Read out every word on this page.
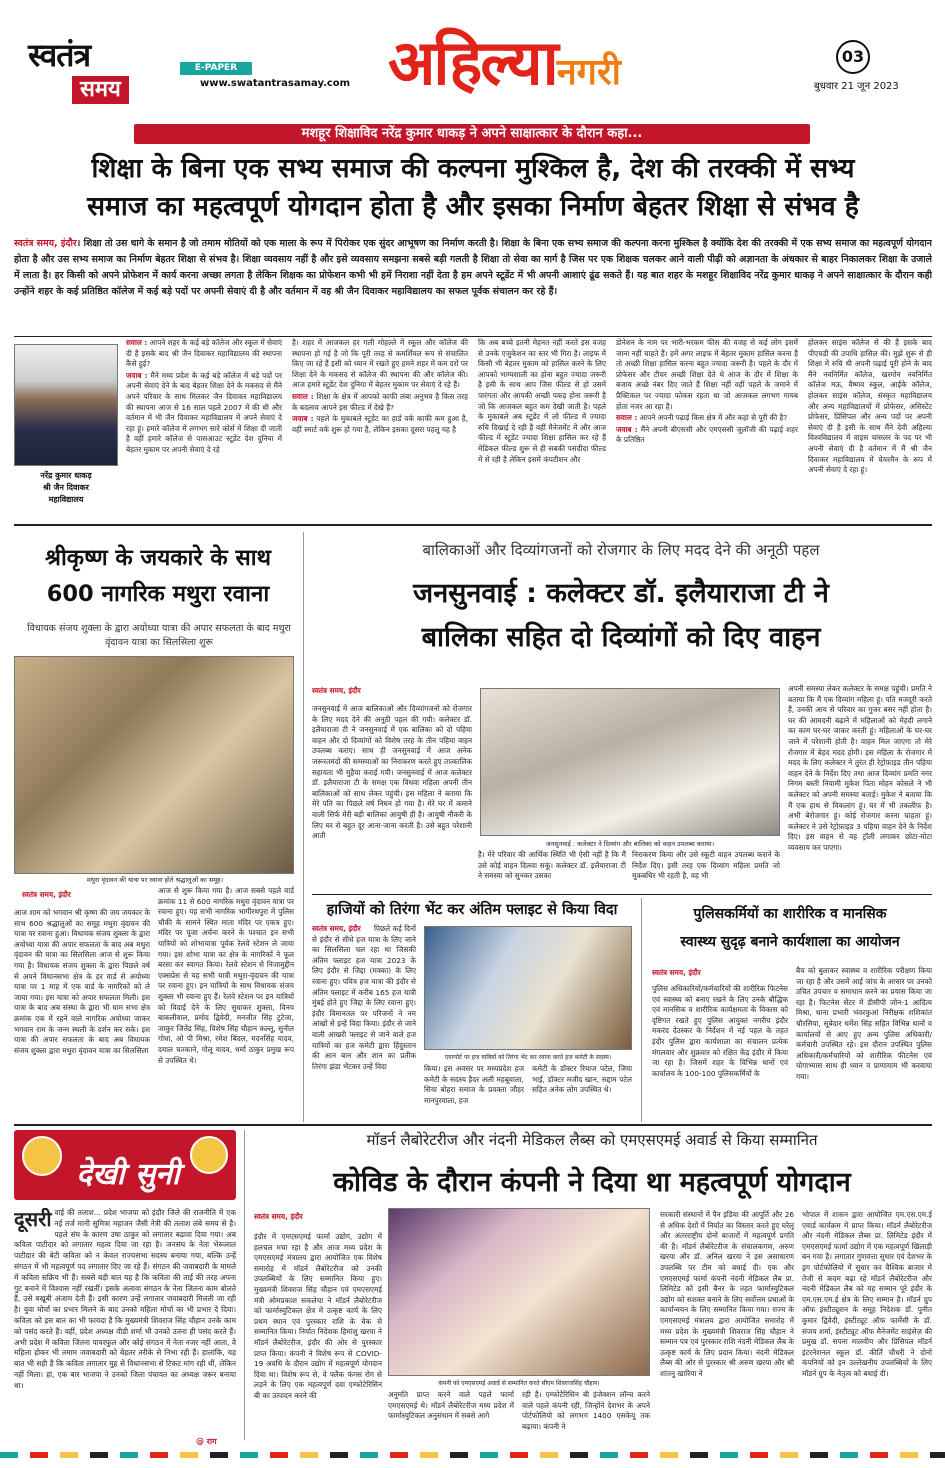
स्वतंत्र
समय
E-PAPER
www.swatantrasamay.com अहिल्यानगरी	03
बुधवार 21 जून 2023
मशहूर शिक्षाविद नरेंद्र कुमार धाकड़ ने अपने साक्षात्कार के दौरान कहा...
शिक्षा के बिना एक सभ्य समाज की कल्पना मुश्किल है, देश की तरक्की में सभ्य
समाज का महत्वपूर्ण योगदान होता है और इसका निर्माण बेहतर शिक्षा से संभव है
स्वतंत्र समय, इंदौर। शिक्षा तो उस धागे के समान है जो तमाम मोतियों को एक माला के रूप में पिरोकर एक सुंदर आभूषण का निर्माण करती है। शिक्षा के बिना एक सभ्य समाज की कल्पना करना मुश्किल है क्योंकि देश की तरक्की में एक सभ्य समाज का महत्वपूर्ण योगदान होता है और उस सभ्य समाज का निर्माण बेहतर शिक्षा से संभव है। शिक्षा व्यवसाय नहीं है और इसे व्यवसाय समझना सबसे बड़ी गलती है शिक्षा तो सेवा का मार्ग है जिस पर एक शिक्षक चलकर आने वाली पीढ़ी को अज्ञानता के अंधकार से बाहर निकालकर शिक्षा के उजाले में लाता है। हर किसी को अपने प्रोफेशन में कार्य करना अच्छा लगता है लेकिन शिक्षक का प्रोफेशन कभी भी हमें निराशा नहीं देता है हम अपने स्टूडेंट में भी अपनी आशाएं ढूंढ सकते हैं। यह बात शहर के मशहूर शिक्षाविद नरेंद्र कुमार धाकड़ ने अपने साक्षात्कार के दौरान कही उन्होंने शहर के कई प्रतिष्ठित कॉलेज में कई बड़े पदों पर अपनी सेवाएं दी है और वर्तमान में वह श्री जैन दिवाकर महाविद्यालय का सफल पूर्वक संचालन कर रहे हैं।
नरेंद्र कुमार धाकड़
श्री जैन दिवाकर
महाविद्यालय

सवाल : आपने शहर के कई बड़े कॉलेज और स्कूल में सेवाएं दी है इसके बाद श्री जैन दिवाकर महाविद्यालय की स्थापना कैसे हुई?

जवाब : मैंने मध्य प्रदेश के कई बड़े कॉलेज में बड़े पदों पर अपनी सेवाएं देने के बाद बेहतर शिक्षा देने के मकसद से मैंने अपने परिवार के साथ मिलकर जैन दिवाकर महाविद्यालय की स्थापना आज से 16 साल पहले 2007 में की थी और वर्तमान में भी जैन दिवाकर महाविद्यालय में अपने सेवाएं दे रहा हूं। हमारे कॉलेज में लगभग सारे कोर्स में शिक्षा दी जाती है वहीं हमारे कॉलेज से पासआउट स्टूडेंट देश दुनिया में बेहतर मुकाम पर अपनी सेवाएं दे रहे

है। शहर में आजकल हर गली मोहल्ले में स्कूल और कॉलेज की स्थापना हो गई है जो कि पूरी तरह से कमर्शियल रूप से संचालित किए जा रहे हैं इसी को ध्यान में रखते हुए हमने शहर में कम दरों पर शिक्षा देने के मकसद से कॉलेज की स्थापना की और कॉलेज की। आज हमारे स्टूडेंट देश दुनिया में बेहतर मुकाम पर सेवाएं दे रहे हैं।

सवाल : शिक्षा के क्षेत्र में आपको काफी लंबा अनुभव है किस तरह के बदलाव आपने इस फील्ड में देखे हैं?

जवाब : पहले के मुकाबले स्टूडेंट का हार्ड वर्क काफी कम हुआ है, वहीं स्मार्ट वर्क शुरू हो गया है, लेकिन इसका दूसरा पहलू यह है

कि अब बच्चे इतनी मेहनत नहीं करते इस वजह से उनके एजुकेशन का स्तर भी गिरा है। लाइफ में किसी भी बेहतर मुकाम को हासिल करने के लिए आपको भाग्यशाली का होना बहुत ज्यादा जरूरी है इसी के साथ आप जिस फील्ड से हो उसमें पारंगता और आपकी अच्छी पकड़ होना जरूरी है जो कि आजकल बहुत कम देखी जाती है। पहले के मुकाबले अब स्टूडेंट में लो फील्ड में ज्यादा रुचि दिखाई दे रही है वहीं मैनेजमेंट में और आज फील्ड में स्टूडेंट ज्यादा शिक्षा हासिल कर रहे हैं मेडिकल फील्ड शुरू से ही सबकी पसंदीदा फील्ड में से रही है लेकिन इसमें कंपटीशन और

डोनेशन के नाम पर भारी-भरकम फीस की वजह से कई लोग इसमें जाना नहीं चाहते हैं। हमें अगर लाइफ में बेहतर मुकाम हासिल करना है तो अच्छी शिक्षा हासिल करना बहुत ज्यादा जरूरी है। पहले के दौर में प्रोफेसर और टीचर अच्छी शिक्षा देते थे आज के दौर में शिक्षा के बजाय अच्छे नंबर दिए जाते हैं शिक्षा नहीं वहीं पहले के जमाने में प्रैक्टिकल पर ज्यादा फोकस रहता था जो आजकल लगभग गायब होता नजर आ रहा है।

सवाल : आपने अपनी पढ़ाई किस क्षेत्र में और कहां से पूरी की है?

जवाब : मैंने अपनी बीएससी और एमएससी जूलॉजी की पढ़ाई शहर के प्रतिष्ठित

होलकर साइंस कॉलेज से की हैं इसके बाद पीएचडी की उपाधि हासिल की। मुझे शुरू से ही शिक्षा में रुचि थी अपनी पढ़ाई पूरी होने के बाद मैंने नवनिर्मित कॉलेज, खरगोन नवनिर्मित कॉलेज मऊ, वैष्णव स्कूल, आईके कॉलेज, होलकर साइंस कॉलेज, संस्कृत महाविद्यालय और अन्य महाविद्यालयों में प्रोफेसर, असिस्टेंट प्रोफेसर, प्रिंसिपल और अन्य पदों पर अपनी सेवाएं दी है इसी के साथ मैंने देवी अहिल्या विश्वविद्यालय में वाइस चांसलर के पद पर भी अपनी सेवाएं दी है वर्तमान में मैं श्री जैन दिवाकर महाविद्यालय में चेयरमैन के रूप में अपनी सेवाएं दे रहा हूं।

श्रीकृष्ण के जयकारे के साथ
600 नागरिक मथुरा रवाना
विधायक संजय शुक्ला के द्वारा अयोध्या यात्रा की अपार सफलता के बाद मथुरा वृंदावन यात्रा का सिलसिला शुरू
मथुरा वृंदावन की यात्रा पर रवाना होते श्रद्धालुओं का समूह।
स्वतंत्र समय, इंदौर
आज शाम को भगवान श्री कृष्ण की जय जयकार के साथ 600 श्रद्धालुओं का समूह मथुरा वृंदावन की यात्रा पर रवाना हुआ। विधायक संजय शुक्ला के द्वारा अयोध्या यात्रा की अपार सफलता के बाद अब मथुरा वृंदावन की यात्रा का सिलसिला आज से शुरू किया गया है। विधायक संजय शुक्ला के द्वारा पिछले वर्ष से अपने विधानसभा क्षेत्र के हर वार्ड से अयोध्या यात्रा पर 1 माह में एक वार्ड के नागरिकों को ले जाया गया। इस यात्रा को अपार सफलता मिली। इस यात्रा के बाद अब संस्था के द्वारा भी धाम सभा क्षेत्र क्रमांक एक में रहने वाले नागरिक अयोध्या जाकर भगवान राम के जन्म स्थली के दर्शन कर सके। इस यात्रा की अपार सफलता के बाद अब विधायक संजय शुक्ला द्वारा मथुरा वृंदावन यात्रा का सिलसिला
आज से शुरू किया गया है। आज सबसे पहले वार्ड क्रमांक 11 से 600 नागरिक मथुरा वृंदावन यात्रा पर रवाना हुए। यह सभी नागरिक भागीरथपुरा में पुलिस चौकी के सामने स्थित माता मंदिर पर एकत्र हुए। मंदिर पर पूजा अर्चना करने के पश्चात इन सभी यात्रियों को शोभायात्रा पूर्वक रेलवे स्टेशन ले जाया गया। इस शोभा यात्रा का क्षेत्र के नागरिकों ने फूल बरसा कर स्वागत किया। रेलवे स्टेशन से निजामुद्दीन एक्सप्रेस से यह सभी यात्री मथुरा-वृंदावन की यात्रा पर रवाना हुए। इन यात्रियों के साथ विधायक संजय शुक्ला भी रवाना हुए हैं। रेलवे स्टेशन पर इन यात्रियों को विदाई देने के लिए सुधाकर शुक्ला, विनय बाकलीवाल, प्रमोद द्विवेदी, मनजीत सिंह टुटेजा, जाकुर जितेंद्र सिंह, विशेष सिंह चौहान कल्लू, सुनील गोधा, ओ पी मिश्रा, रमेश बिंदल, मदनसिंह यादव, दयाल चतकाने, गोलू यादव, धर्मा ठाकुर प्रमुख रूप से उपस्थित थे।
बालिकाओं और दिव्यांगजनों को रोजगार के लिए मदद देने की अनूठी पहल
जनसुनवाई : कलेक्टर डॉ. इलैयाराजा टी ने
बालिका सहित दो दिव्यांगों को दिए वाहन
स्वतंत्र समय, इंदौर
जनसुनवाई में आज बालिकाओं और दिव्यांगजनों को रोजगार के लिए मदद देने की अनूठी पहल की गयी। कलेक्टर डॉ. इलैयाराजा टी ने जनसुनवाई में एक बालिका को दो पहिया वाहन और दो दिव्यांगों को विशेष तरह के तीन पहिया वाहन उपलब्ध कराए। साथ ही जनसुनवाई में आज अनेक जरूरतमंदों की समस्याओं का निराकरण करते हुए तात्कालिक सहायता भी मुहैया कराई गयी। जनसुनवाई में आज कलेक्टर डॉ. इलैयाराजा टी के समक्ष एक विधवा महिला अपनी तीन बालिकाओं को साथ लेकर पहुंची। इस महिला ने बताया कि मेरे पति का पिछले वर्ष निधन हो गया है। मेरे घर में कमाने वाली सिर्फ मेरी बड़ी बालिका आयुषी ही है। आयुषी नौकरी के लिए घर से बहुत दूर आना-जाना करती है। उसे बहुत परेशानी आती
जनसुनवाई : कलेक्टर ने दिव्यांग और बालिका को वाहन उपलब्ध कराया।
है। मेरे परिवार की आर्थिक स्थिति भी ऐसी नहीं है कि मैं उसे कोई वाहन दिलवा सकूं। कलेक्टर डॉ. इलैयाराजा टी ने समस्या को सुनकर उसका
निराकरण किया और उसे स्कूटी वाहन उपलब्ध कराने के निर्देश दिए। इसी तरह एक दिव्यांग महिला प्रमति जो मूकबधिर भी रहती है, वह भी
अपनी समस्या लेकर कलेक्टर के समक्ष पहुंची। प्रमति ने बताया कि मैं एक दिव्यांग महिला हूं। पति मजदूरी करते हैं, उनकी आय से परिवार का गुजर बसर नहीं होता है। घर की आमदनी बढ़ाने में महिलाओं को मेहदी लगाने का काम घर-घर जाकर करती हूं। महिलाओं के घर-घर जाने में परेशानी होती है। वाहन मिल जाएगा तो मेरे रोजगार में बेहद मदद होगी। इस महिला के रोजगार में मदद के लिए कलेक्टर ने तुरंत ही रेट्रोफ़ाइड तीन पहिया वाहन देने के निर्देश दिए तथा आज दिव्यांग प्रमति नगर निगम बस्ती नियामी मुकेश पिता मोहन कोसले ने भी कलेक्टर को अपनी समस्या बताई। मुकेश ने बताया कि मैं एक हाथ से विकलांग हूं। घर में भी तकलीफ है। अभी बेरोजगार हूं। कोई रोजगार करना चाहता हूं। कलेक्टर ने उसे रेट्रोफ़ाइड 3 पहिया वाहन देने के निर्देश दिए। इस वाहन से वह ट्रॉली लगाकर छोटा-मोटा व्यवसाय कर पाएगा।
हाजियों को तिरंगा भेंट कर अंतिम फ्लाइट से किया विदा
स्वतंत्र समय, इंदौर	पिछले कई दिनों से इंदौर से सीधे हज यात्रा के लिए जाने का सिलसिला चल रहा था जिसकी अंतिम फ्लाइट हज यात्रा 2023 के लिए इंदौर से जिद्दा (मक्का) के लिए रवाना हुए। पवित्र हज यात्रा की इंदौर से अंतिम फ्लाइट में करीब 165 हज यात्री मुंबई होते हुए जिद्दा के लिए रवाना हुए। इंदौर विमानतल पर परिजनों ने नम आंखों से इन्हें विदा किया। इंदौर से जाने वाली आखरी फ्लाइट से जाने वाले हज यात्रियों का हज कमेटी द्वारा हिंदुस्तान की आन बान और शान का प्रतीक तिरंगा झंडा भेंटकर उन्हें विदा
एयरपोर्ट पर हज यात्रियों को तिरंगा भेंट कर रवाना करते हज कमेटी के सदस्य।
किया। इस अवसर पर मध्यप्रदेश हज कमेटी के सदस्य हैदर अली महबूवाला, सिया बोहरा समाज के प्रवक्ता जौहर मानपुरवाला, हज
कमेटी के डॉक्टर रियाज पटेल, जिया भाई, डॉक्टर मजीद खान, सद्दाम पटेल सहित अनेक लोग उपस्थित थे।
पुलिसकर्मियों का शारीरिक व मानसिक
स्वास्थ्य सुदृढ़ बनाने कार्यशाला का आयोजन
स्वतंत्र समय, इंदौर
पुलिस अधिकारियों/कर्मचारियों की शारीरिक फिटनेस एवं स्वास्थ्य को बनाए रखने के लिए उनके बौद्धिक एवं मानसिक व शारीरिक कार्यक्षमता के विकास को दृष्टिगत रखते हुए पुलिस आयुक्त नगरीय इंदौर मकरंद देउस्कर के निर्देशन में नई पहल के तहत इंदौर पुलिस द्वारा कार्यशाला का संचालन प्रत्येक मंगलवार और शुक्रवार को रक्षित केंद्र इंदौर में किया जा रहा है। जिसमें शहर के विभिन्न थानों एवं कार्यालय के 100-100 पुलिसकर्मियों के
बैच को बुलाकर स्वास्थ्य व शारीरिक परीक्षण किया जा रहा है और उसमें आई जांच के आधार पर उनको उचित उपचार व समाधान करने का प्रयास किया जा रहा है। फिटनेस सेंटर में डीसीपी जोन-1 आदित्य मिश्रा, थाना प्रभारी भंवरकुआं निरीक्षक शशिकांत चौरसिया, सूबेदार धर्मेश सिंह सहित विभिन्न थानों व कार्यालयों से आए हुए अन्य पुलिस अधिकारी/कर्मचारी उपस्थित रहे। इस दौरान उपस्थित पुलिस अधिकारी/कर्मचारियों को शारीरिक फीटनेस एवं योगाभ्यास साथ ही ध्यान व प्राणायाम भी करवाया गया।
देखी सुनी
दूसरी वाई की तलाश... प्रदेश भाजपा को इंदौर जिले की राजनीति में एक नई तर्ज मानी सुमित्रा महाजन जैसी नेत्री की तलाश लंबे समय से है। पहले संघ के कारण उषा ठाकुर को लगातार बढ़ावा दिया गया। अब कविता पाटीदार को लगातार महत्व दिया जा रहा है। जनसंघ के नेता भेरूलाल पाटीदार की बेटी कविता को न केवल राज्यसभा सदस्य बनाया गया, बल्कि उन्हें संगठन में भी महत्वपूर्ण पद लगातार दिए जा रहे हैं। संगठन की जवाबदारी के मामले में कविता सक्रिय भी हैं। सबसे बड़ी बात यह है कि कविता की ताई की तरह अपना गुट बनाने में विश्वास नहीं रखतीं। इसके अलावा संगठन के नेता जितना काम बोलते हैं, उसे बखूबी अंजाम देती हैं। इसी कारण उन्हें लगातार जवाबदारी मिलती जा रही है। युवा मोर्चा का प्रभार मिलने के बाद उनको महिला मोर्चा का भी प्रभार दे दिया। कविता को इस बात का भी फायदा है कि मुख्यमंत्री शिवराज सिंह चौहान उनके काम को पसंद करते हैं। वहीं, प्रदेश अध्यक्ष वीडी शर्मा भी उनको उतना ही पसंद करते हैं। अभी प्रदेश में कविता जितना पावरफुल और कोई संगठन में नेता नजर नहीं आता, वे महिला होकर भी तमाम जवाबदारी को बेहतर तरीके से निभा रही हैं। हालांकि, यह बात भी सही है कि कविता लगातार मुह से विधानसभा से टिकट मांग रही थीं, लेकिन नहीं मिला। हां, एक बार भाजपा ने उनको जिला पंचायत का अध्यक्ष जरूर बनाया था।
@ राग
मॉडर्न लैबोरेटरीज और नंदनी मेडिकल लैब्स को एमएसएमई अवार्ड से किया सम्मानित
कोविड के दौरान कंपनी ने दिया था महत्वपूर्ण योगदान
स्वतंत्र समय, इंदौर
इंदौर में एमएसएमई फार्मा उद्योग, उद्योग में हलचल मचा रहा है और आज मध्य प्रदेश के एमएसएमई मंत्रालय द्वारा आयोजित एक विशेष समारोह में मॉडर्न लैबोरेटरीज को उनकी उपलब्धियों के लिए सम्मानित किया हुए। मुख्यमंत्री शिवराज सिंह चौहान एवं एमएसएमई मंत्री ओमप्रकाश सकलेचा ने मॉडर्न लैबोरेटरीज को फार्मास्युटिकल क्षेत्र में उत्कृष्ट कार्य के लिए प्रथम स्थान एवं पुरस्कार राशि के चेक से सम्मानित किया। निर्यात निदेशक हिमांशु खरया ने मॉडर्न लैबोरेटरीज, इंदौर की ओर से पुरस्कार प्राप्त किया। कंपनी ने विशेष रूप से COVID-19 अवधि के दौरान उद्योग में महत्वपूर्ण योगदान दिया था। विशेष रूप से, वे फ्लैक फंगस रोग से लड़ने के लिए एक महत्वपूर्ण दवा एम्फोटेरिसिन बी का उत्पादन करने की
कंपनी को एमएसएमई अवार्ड से सम्मानित करते सीएम शिवराजसिंह चौहान।
अनुमति प्राप्त करने वाले पहले फार्मा एमएसएमई थे। मॉडर्न लैबोरेटरीज मध्य प्रदेश में फार्मास्युटिकल अनुसंधान में सबसे आगे
रही है। एम्फोटेरिसिन बी इंजेक्शन लॉन्च करने वाले पहले कंपनी रही, जिन्होंने देशभर के अपने पोर्टफोलियो को लगभग 1400 एसकेयू तक बढ़ाया। कंपनी ने
सरकारी संस्थानों में पैन इंडिया की आपूर्ति और 26 से अधिक देशों में निर्यात का विस्तार करते हुए घरेलू और अंतरराष्ट्रीय दोनों बाजारों में महत्वपूर्ण प्रगति की है। मॉडर्न लैबोरेटरीज के संचालकगण, अरुण खरया और डॉ. अनिल खरया ने इस असाधारण उपलब्धि पर टीम को बधाई दी। एक और एमएसएमई फार्मा कंपनी नंदनी मेडिकल लैब प्रा. लिमिटेड को इसी बैनर के तहत फार्मास्युटिकल उद्योग को सशक्त बनाने के लिए सर्वोत्तम प्रथाओं के कार्यान्वयन के लिए सम्मानित किया गया। राज्य के एमएसएमई मंत्रालय द्वारा आयोजित समारोह में मध्य प्रदेश के मुख्यमंत्री शिवराज सिंह चौहान ने सम्मान पत्र एवं पुरस्कार राशि नंदनी मेडिकल लैब के उत्कृष्ट कार्य के लिए प्रदान किया। नंदनी मेडिकल लैब्स की ओर से पुरस्कार श्री अरुण खरया और श्री शांतनु खारिया ने
भोपाल में शासन द्वारा आयोजित एम.एस.एम.ई एवार्ड कार्यक्रम में प्राप्त किया। मॉडर्न लैबोरेटरीज और नंदनी मेडिकल लैब्स प्रा. लिमिटेड इंदौर में एमएसएमई फार्मा उद्योग में एक महत्वपूर्ण खिलाड़ी बन गया है। लगातार गुणवत्ता सुधार एवं देशभर के ड्रग पोर्टफोलियो में सुधार कर वैश्विक बाजार में तेजी से कदम बढ़ा रहे मॉडर्न लैबोरेटरीज और नंदनी मेडिकल लैब को यह सम्मान पूरे इंदौर के एम.एस.एम.ई क्षेत्र के लिए सम्मान है। मॉडर्न ग्रुप ऑफ इंस्टीट्यूशन के समूह निदेशक डॉ. पुनीत कुमार द्विवेदी, इंस्टीट्यूट ऑफ फार्मेसी के डॉ. संजय शर्मा, इंस्टीट्यूट ऑफ मैनेजमेंट साइंसेज़ की प्रमुख डॉ. सपना मालवीय और प्रिंसिपल मॉडर्न इंटरनेशनल स्कूल डॉ. कीर्ति चौधरी ने दोनों कंपनियों को इन उल्लेखनीय उपलब्धियों के लिए मॉडर्न ग्रुप के नेतृत्व को बधाई दी।
